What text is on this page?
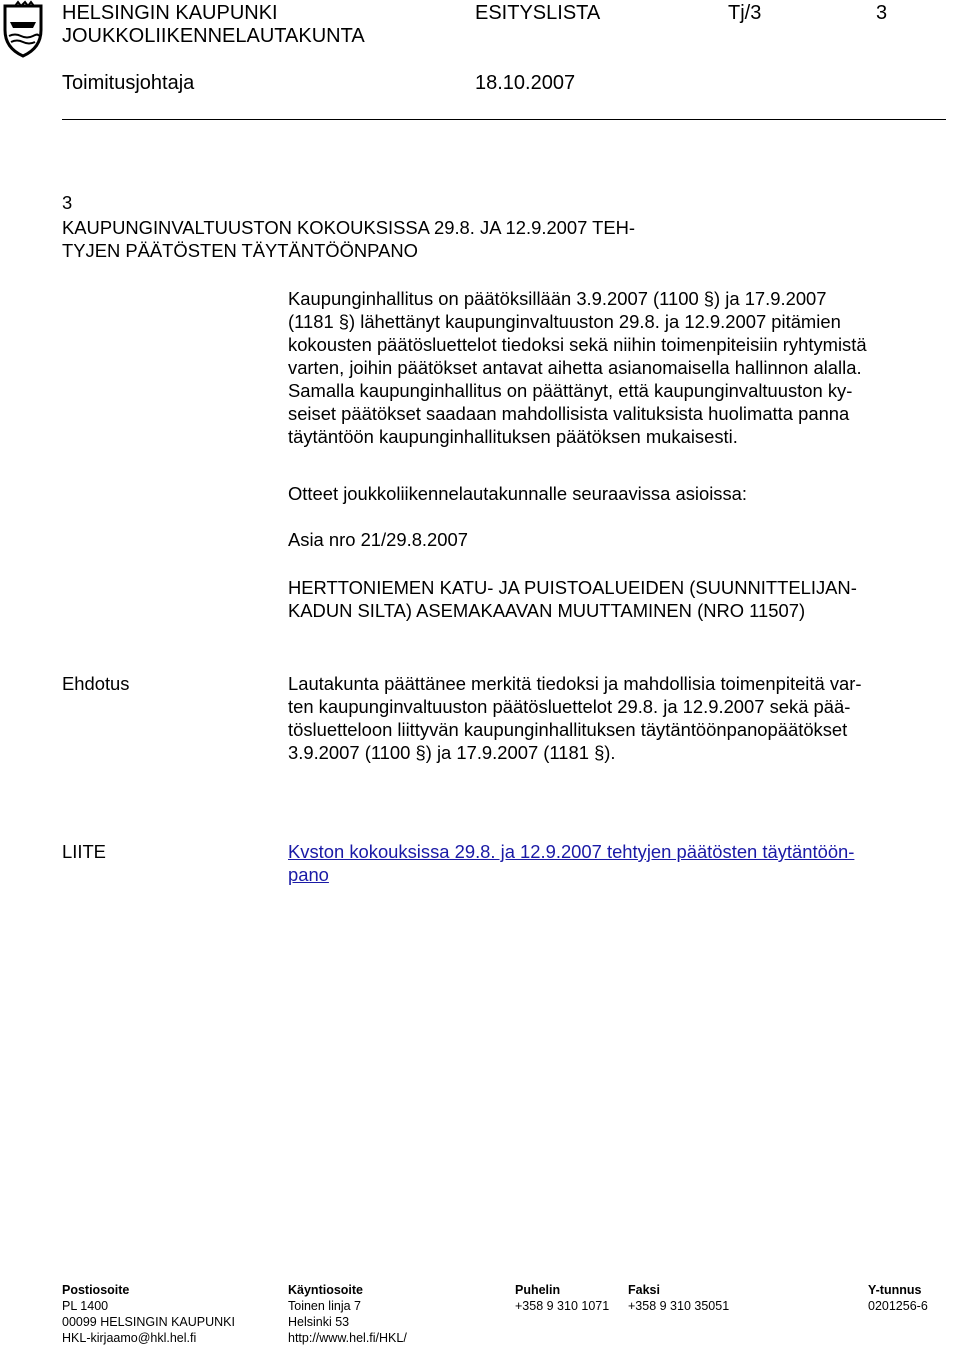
HELSINGIN KAUPUNKI
JOUKKOLIIKENNELAUTAKUNTA
ESITYSLISTA	Tj/3	3
Toimitusjohtaja	18.10.2007
3
KAUPUNGINVALTUUSTON KOKOUKSISSA 29.8. JA 12.9.2007 TEH-
TYJEN PÄÄTÖSTEN TÄYTÄNTÖÖNPANO
Kaupunginhallitus on päätöksillään 3.9.2007 (1100 §) ja 17.9.2007
(1181 §) lähettänyt kaupunginvaltuuston 29.8. ja 12.9.2007 pitämien
kokousten päätösluettelot tiedoksi sekä niihin toimenpiteisiin ryhtymistä
varten, joihin päätökset antavat aihetta asianomaisella hallinnon alalla.
Samalla kaupunginhallitus on päättänyt, että kaupunginvaltuuston ky-
seiset päätökset saadaan mahdollisista valituksista huolimatta panna
täytäntöön kaupunginhallituksen päätöksen mukaisesti.
Otteet joukkoliikennelautakunnalle seuraavissa asioissa:
Asia nro 21/29.8.2007
HERTTONIEMEN KATU- JA PUISTOALUEIDEN (SUUNNITTELIJAN-
KADUN SILTA) ASEMAKAAVAN MUUTTAMINEN (NRO 11507)
Ehdotus	Lautakunta päättänee merkitä tiedoksi ja mahdollisia toimenpiteitä var-
ten kaupunginvaltuuston päätösluettelot 29.8. ja 12.9.2007 sekä pää-
tösluetteloon liittyvän kaupunginhallituksen täytäntöönpanopäätökset
3.9.2007 (1100 §) ja 17.9.2007 (1181 §).
LIITE	Kvston kokouksissa 29.8. ja 12.9.2007 tehtyjen päätösten täytäntöön-
pano
Postiosoite
PL 1400
00099 HELSINGIN KAUPUNKI
HKL-kirjaamo@hkl.hel.fi
Käyntiosoite
Toinen linja 7
Helsinki 53
http://www.hel.fi/HKL/
Puhelin
+358 9 310 1071
Faksi
+358 9 310 35051
Y-tunnus
0201256-6
